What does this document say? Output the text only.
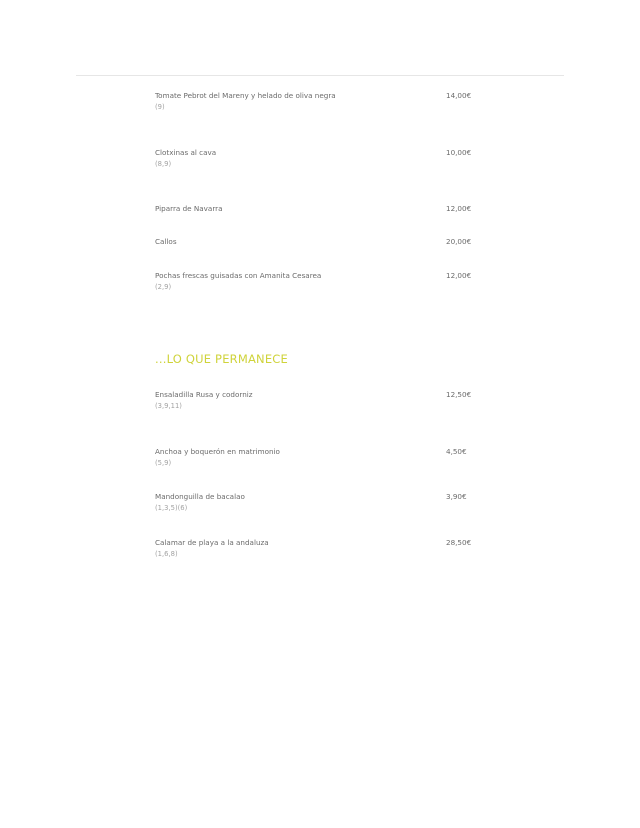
Tomate Pebrot del Mareny y helado de oliva negra
(9)
14,00€
Clotxinas al cava
(8,9)
10,00€
Piparra de Navarra	12,00€
Callos	20,00€
Pochas frescas guisadas con Amanita Cesarea
(2,9)
12,00€
...LO QUE PERMANECE
Ensaladilla Rusa y codorniz
(3,9,11)
12,50€
Anchoa y boquerón en matrimonio
(5,9)
4,50€
Mandonguilla de bacalao
(1,3,5)(6)
3,90€
Calamar de playa a la andaluza
(1,6,8)
28,50€
